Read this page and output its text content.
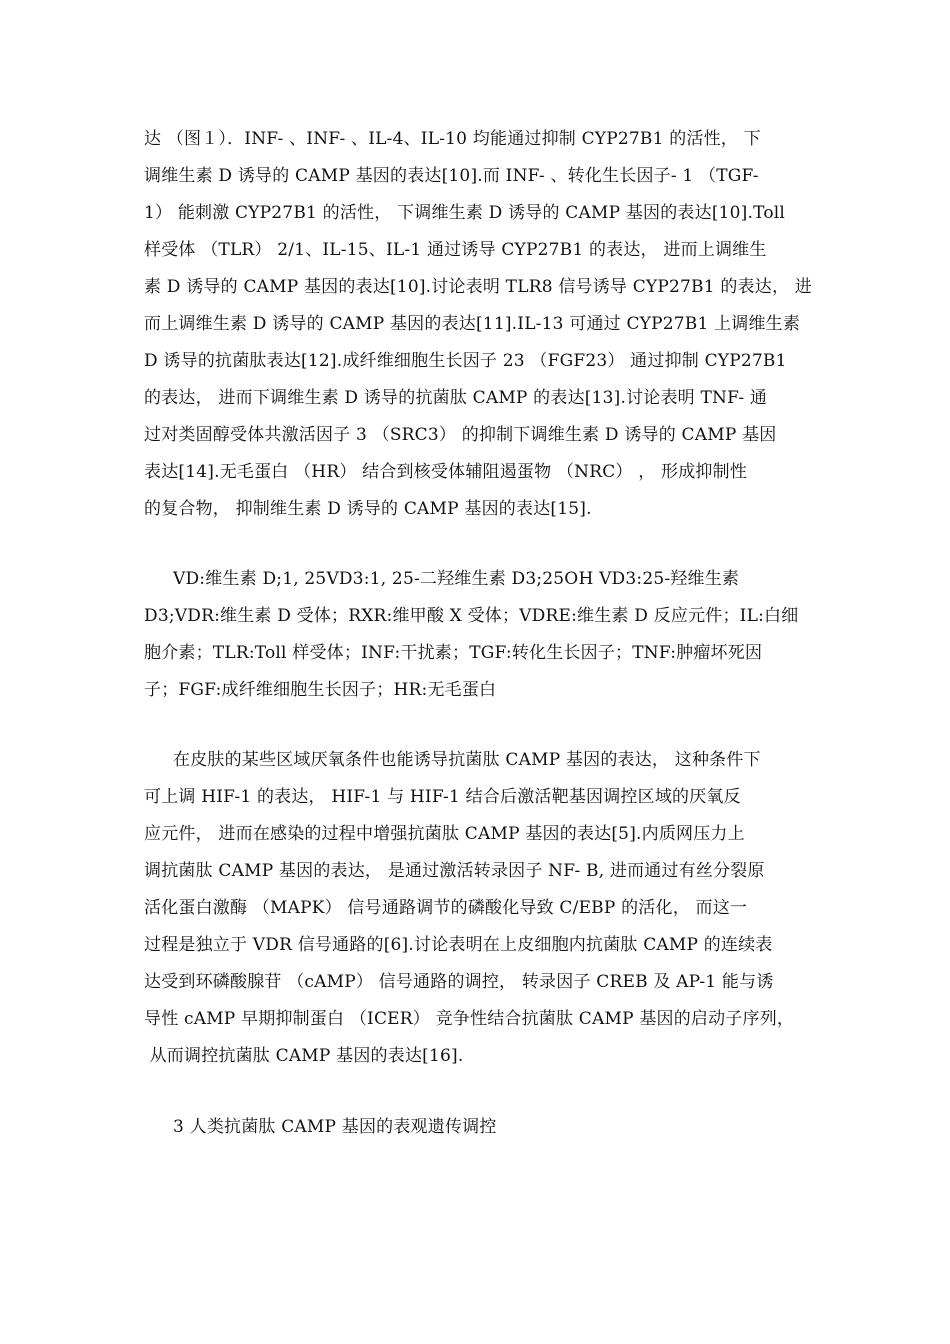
达 （图１）．INF- 、INF- 、IL-4、IL-10 均能通过抑制 CYP27B1 的活性， 下
调维生素 D 诱导的 CAMP 基因的表达[10].而 INF- 、转化生长因子- 1 （TGF-
1） 能刺激 CYP27B1 的活性， 下调维生素 D 诱导的 CAMP 基因的表达[10].Toll
样受体 （TLR） 2/1、IL-15、IL-1 通过诱导 CYP27B1 的表达， 进而上调维生
素 D 诱导的 CAMP 基因的表达[10].讨论表明 TLR8 信号诱导 CYP27B1 的表达， 进
而上调维生素 D 诱导的 CAMP 基因的表达[11].IL-13 可通过 CYP27B1 上调维生素
D 诱导的抗菌肽表达[12].成纤维细胞生长因子 23 （FGF23） 通过抑制 CYP27B1
的表达， 进而下调维生素 D 诱导的抗菌肽 CAMP 的表达[13].讨论表明 TNF- 通
过对类固醇受体共激活因子 3 （SRC3） 的抑制下调维生素 D 诱导的 CAMP 基因
表达[14].无毛蛋白 （HR） 结合到核受体辅阻遏蛋物 （NRC） ， 形成抑制性
的复合物， 抑制维生素 D 诱导的 CAMP 基因的表达[15].
VD:维生素 D;1, 25VD3:1, 25-二羟维生素 D3;25OH VD3:25-羟维生素
D3;VDR:维生素 D 受体；RXR:维甲酸 X 受体；VDRE:维生素 D 反应元件；IL:白细
胞介素；TLR:Toll 样受体；INF:干扰素；TGF:转化生长因子；TNF:肿瘤坏死因
子；FGF:成纤维细胞生长因子；HR:无毛蛋白
在皮肤的某些区域厌氧条件也能诱导抗菌肽 CAMP 基因的表达， 这种条件下
可上调 HIF-1 的表达， HIF-1 与 HIF-1 结合后激活靶基因调控区域的厌氧反
应元件， 进而在感染的过程中增强抗菌肽 CAMP 基因的表达[5].内质网压力上
调抗菌肽 CAMP 基因的表达， 是通过激活转录因子 NF- B, 进而通过有丝分裂原
活化蛋白激酶 （MAPK） 信号通路调节的磷酸化导致 C/EBP 的活化， 而这一
过程是独立于 VDR 信号通路的[6].讨论表明在上皮细胞内抗菌肽 CAMP 的连续表
达受到环磷酸腺苷 （cAMP） 信号通路的调控， 转录因子 CREB 及 AP-1 能与诱
导性 cAMP 早期抑制蛋白 （ICER） 竞争性结合抗菌肽 CAMP 基因的启动子序列，
从而调控抗菌肽 CAMP 基因的表达[16].
3 人类抗菌肽 CAMP 基因的表观遗传调控
